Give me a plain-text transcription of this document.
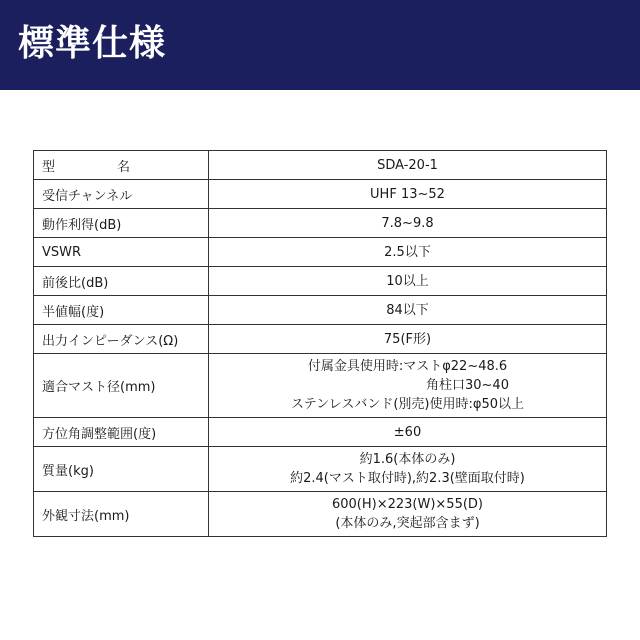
標準仕様
型 名	SDA-20-1
受信チャンネル	UHF 13~52
動作利得(dB)	7.8~9.8
VSWR	2.5以下
前後比(dB)	10以上
半値幅(度)	84以下
出力インピーダンス(Ω)	75(F形)
適合マスト径(mm)	付属金具使用時:マストφ22~48.6
角柱口30~40
ステンレスバンド(別売)使用時:φ50以上

方位角調整範囲(度)	±60
質量(kg)	約1.6(本体のみ)
約2.4(マスト取付時),約2.3(壁面取付時)

外観寸法(mm)	600(H)×223(W)×55(D)
(本体のみ,突起部含まず)
